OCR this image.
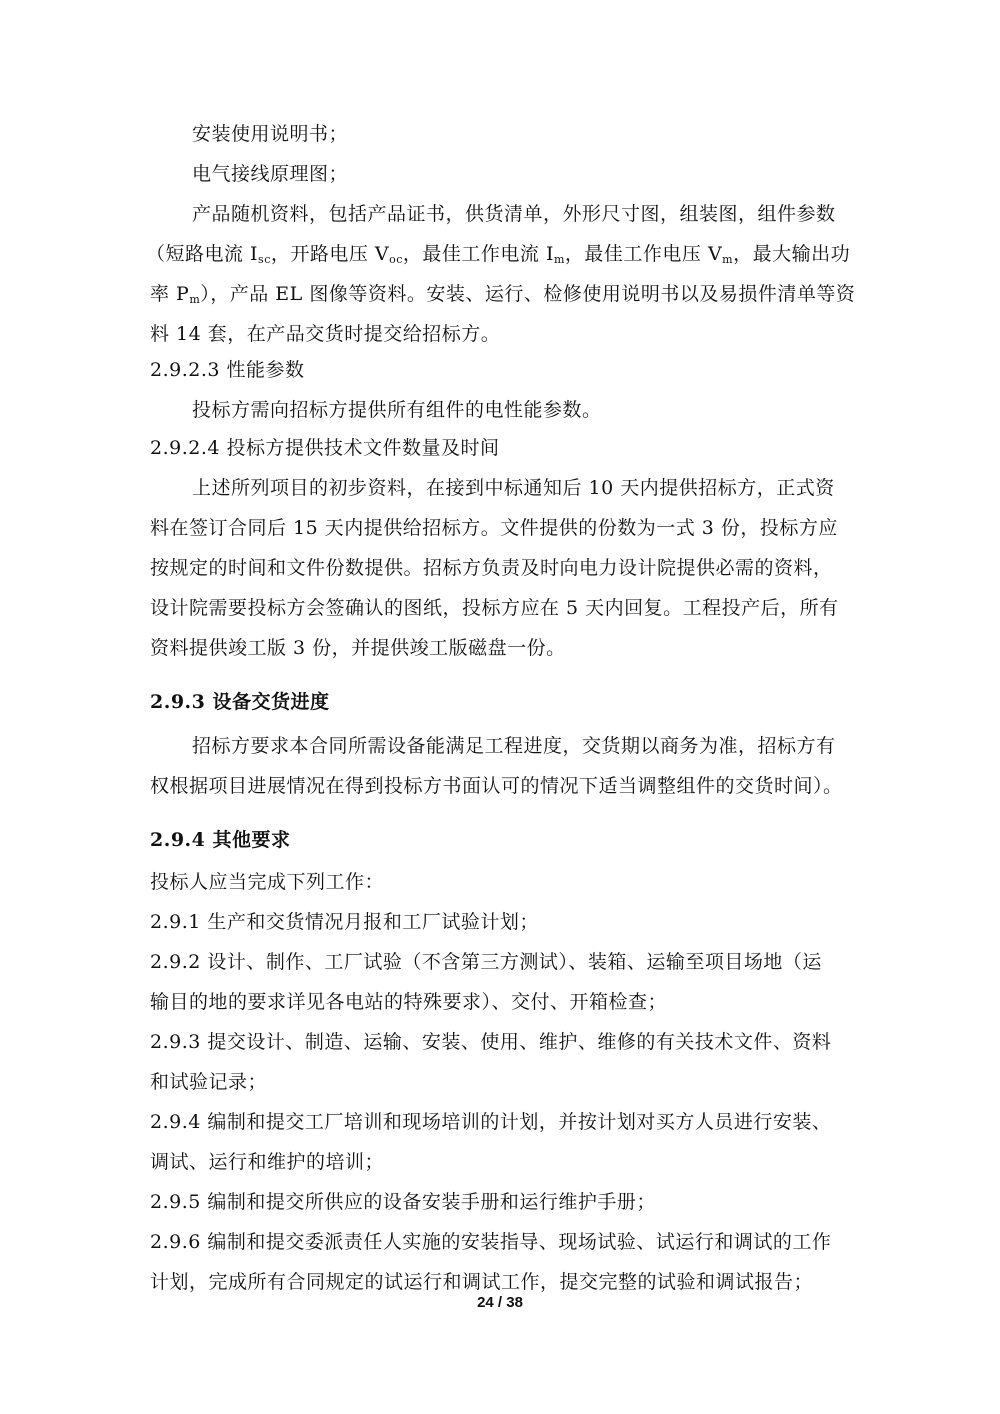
安装使用说明书；
电气接线原理图；
产品随机资料，包括产品证书，供货清单，外形尺寸图，组装图，组件参数
（短路电流 $I_{sc}$，开路电压 $V_{oc}$，最佳工作电流 $I_m$，最佳工作电压 $V_m$，最大输出功
率 $P_m$），产品 EL 图像等资料。安装、运行、检修使用说明书以及易损件清单等资
料 14 套，在产品交货时提交给招标方。
2.9.2.3 性能参数
投标方需向招标方提供所有组件的电性能参数。
2.9.2.4 投标方提供技术文件数量及时间
上述所列项目的初步资料，在接到中标通知后 10 天内提供招标方，正式资
料在签订合同后 15 天内提供给招标方。文件提供的份数为一式 3 份，投标方应
按规定的时间和文件份数提供。招标方负责及时向电力设计院提供必需的资料，
设计院需要投标方会签确认的图纸，投标方应在 5 天内回复。工程投产后，所有
资料提供竣工版 3 份，并提供竣工版磁盘一份。
2.9.3 设备交货进度
招标方要求本合同所需设备能满足工程进度，交货期以商务为准，招标方有
权根据项目进展情况在得到投标方书面认可的情况下适当调整组件的交货时间）。
2.9.4 其他要求
投标人应当完成下列工作：
2.9.1 生产和交货情况月报和工厂试验计划；
2.9.2 设计、制作、工厂试验（不含第三方测试）、装箱、运输至项目场地（运
输目的地的要求详见各电站的特殊要求）、交付、开箱检查；
2.9.3 提交设计、制造、运输、安装、使用、维护、维修的有关技术文件、资料
和试验记录；
2.9.4 编制和提交工厂培训和现场培训的计划，并按计划对买方人员进行安装、
调试、运行和维护的培训；
2.9.5 编制和提交所供应的设备安装手册和运行维护手册；
2.9.6 编制和提交委派责任人实施的安装指导、现场试验、试运行和调试的工作
计划，完成所有合同规定的试运行和调试工作，提交完整的试验和调试报告；
24 / 38
